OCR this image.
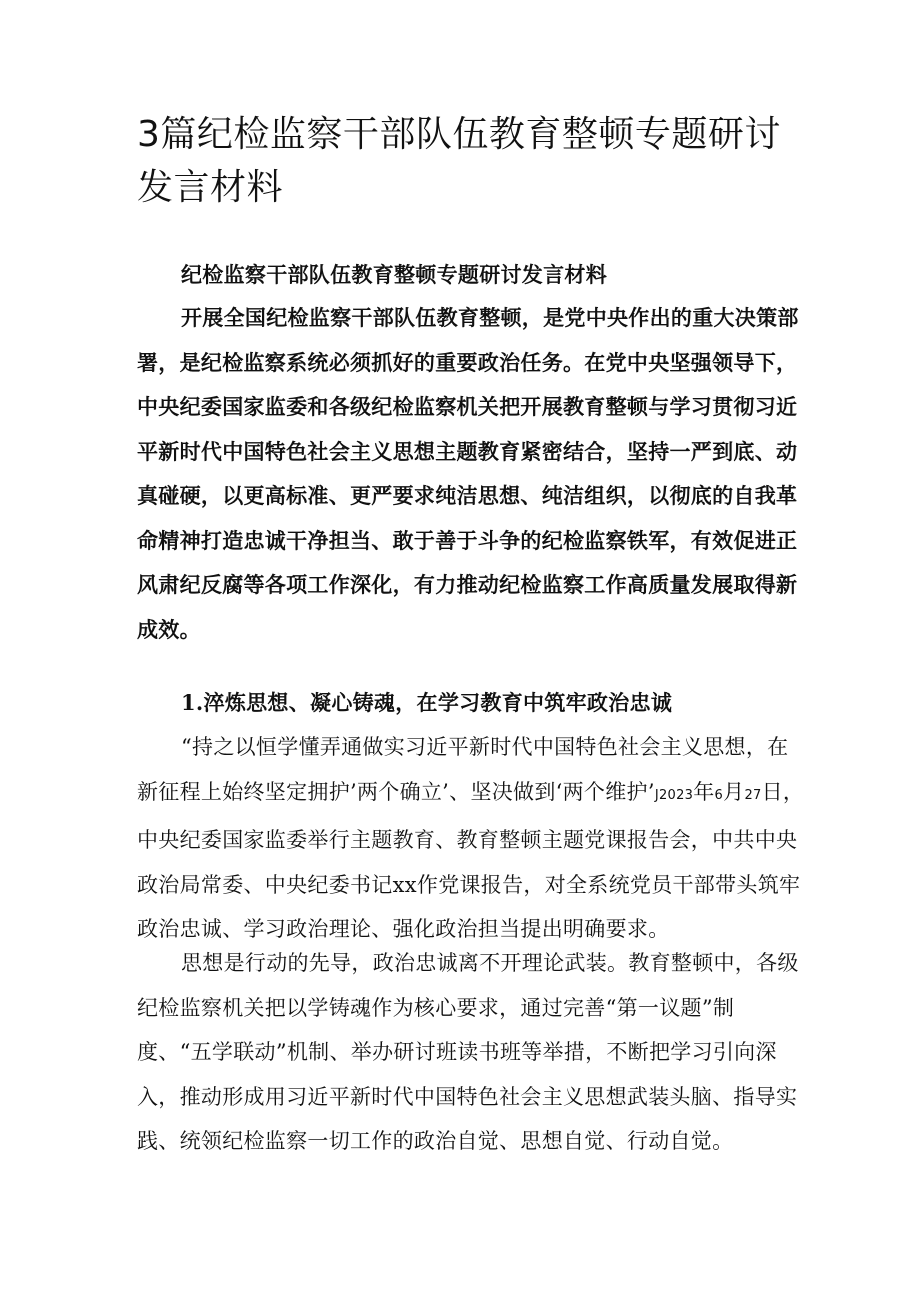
3篇纪检监察干部队伍教育整顿专题研讨发言材料

纪检监察干部队伍教育整顿专题研讨发言材料

开展全国纪检监察干部队伍教育整顿，是党中央作出的重大决策部署，是纪检监察系统必须抓好的重要政治任务。在党中央坚强领导下，中央纪委国家监委和各级纪检监察机关把开展教育整顿与学习贯彻习近平新时代中国特色社会主义思想主题教育紧密结合，坚持一严到底、动真碰硬，以更高标准、更严要求纯洁思想、纯洁组织，以彻底的自我革命精神打造忠诚干净担当、敢于善于斗争的纪检监察铁军，有效促进正风肃纪反腐等各项工作深化，有力推动纪检监察工作高质量发展取得新成效。

1.淬炼思想、凝心铸魂，在学习教育中筑牢政治忠诚

“持之以恒学懂弄通做实习近平新时代中国特色社会主义思想，在新征程上始终坚定拥护’两个确立’、坚决做到‘两个维护’J2023年6月27日，中央纪委国家监委举行主题教育、教育整顿主题党课报告会，中共中央政治局常委、中央纪委书记xx作党课报告，对全系统党员干部带头筑牢政治忠诚、学习政治理论、强化政治担当提出明确要求。

思想是行动的先导，政治忠诚离不开理论武装。教育整顿中，各级纪检监察机关把以学铸魂作为核心要求，通过完善“第一议题”制度、“五学联动”机制、举办研讨班读书班等举措，不断把学习引向深入，推动形成用习近平新时代中国特色社会主义思想武装头脑、指导实践、统领纪检监察一切工作的政治自觉、思想自觉、行动自觉。
